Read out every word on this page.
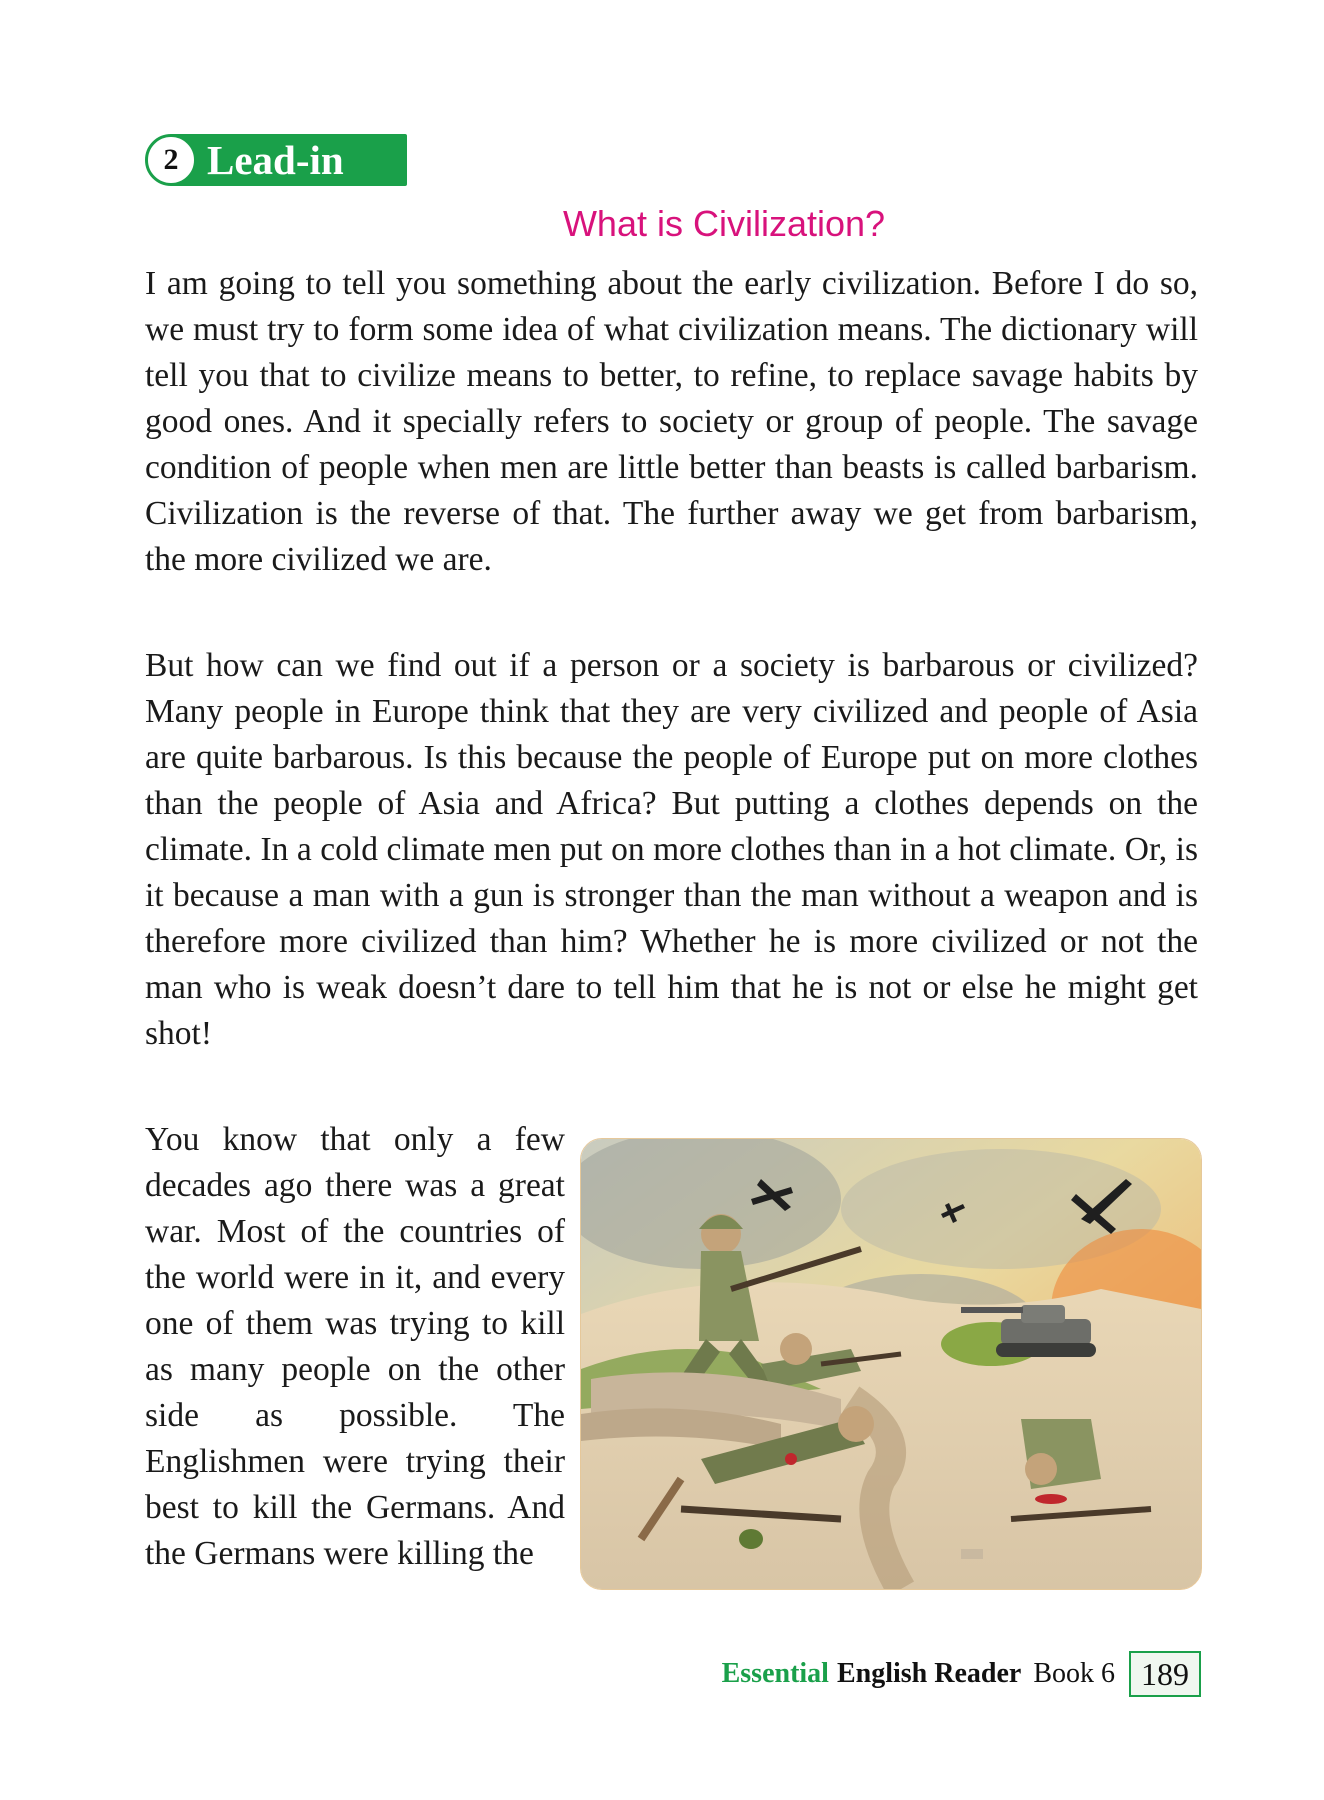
2 Lead-in
What is Civilization?

I am going to tell you something about the early civilization. Before I do so, we must try to form some idea of what civilization means. The dictionary will tell you that to civilize means to better, to refine, to replace savage habits by good ones. And it specially refers to society or group of people. The savage condition of people when men are little better than beasts is called barbarism. Civilization is the reverse of that. The further away we get from barbarism, the more civilized we are.

But how can we find out if a person or a society is barbarous or civilized? Many people in Europe think that they are very civilized and people of Asia are quite barbarous. Is this because the people of Europe put on more clothes than the people of Asia and Africa? But putting a clothes depends on the climate. In a cold climate men put on more clothes than in a hot climate. Or, is it because a man with a gun is stronger than the man without a weapon and is therefore more civilized than him? Whether he is more civilized or not the man who is weak doesn’t dare to tell him that he is not or else he might get shot!

You know that only a few decades ago there was a great war. Most of the countries of the world were in it, and every one of them was trying to kill as many people on the other side as possible. The Englishmen were trying their best to kill the Germans. And the Germans were killing the

Essential English Reader Book 6 189
